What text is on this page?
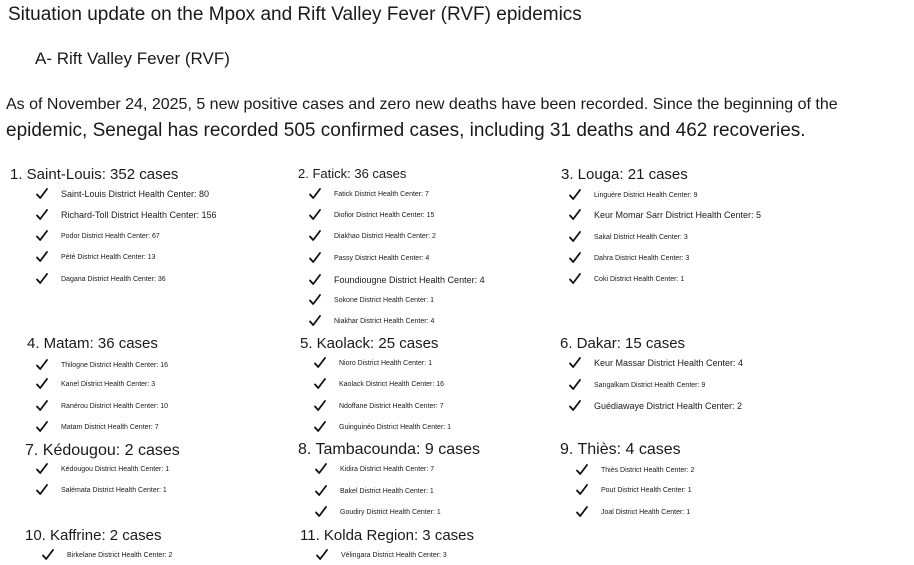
Situation update on the Mpox and Rift Valley Fever (RVF) epidemics
A- Rift Valley Fever (RVF)
As of November 24, 2025, 5 new positive cases and zero new deaths have been recorded. Since the beginning of the
epidemic, Senegal has recorded 505 confirmed cases, including 31 deaths and 462 recoveries.
1. Saint-Louis: 352 cases
Saint-Louis District Health Center: 80
Richard-Toll District Health Center: 156
Podor District Health Center: 67
Pété District Health Center: 13
Dagana District Health Center: 36
2. Fatick: 36 cases
Fatick District Health Center: 7
Diofior District Health Center: 15
Diakhao District Health Center: 2
Passy District Health Center: 4
Foundiougne District Health Center: 4
Sokone District Health Center: 1
Niakhar District Health Center: 4
3. Louga: 21 cases
Linguère District Health Center: 9
Keur Momar Sarr District Health Center: 5
Sakal District Health Center: 3
Dahra District Health Center: 3
Coki District Health Center: 1
4. Matam: 36 cases
Thilogne District Health Center: 16
Kanel District Health Center: 3
Ranérou District Health Center: 10
Matam District Health Center: 7
5. Kaolack: 25 cases
Nioro District Health Center: 1
Kaolack District Health Center: 16
Ndoffane District Health Center: 7
Guinguinéo District Health Center: 1
6. Dakar: 15 cases
Keur Massar District Health Center: 4
Sangalkam District Health Center: 9
Guédiawaye District Health Center: 2
7. Kédougou: 2 cases
Kédougou District Health Center: 1
Salémata District Health Center: 1
8. Tambacounda: 9 cases
Kidira District Health Center: 7
Bakel District Health Center: 1
Goudiry District Health Center: 1
9. Thiès: 4 cases
Thiès District Health Center: 2
Pout District Health Center: 1
Joal District Health Center: 1
10. Kaffrine: 2 cases
Birkelane District Health Center: 2
11. Kolda Region: 3 cases
Vélingara District Health Center: 3
